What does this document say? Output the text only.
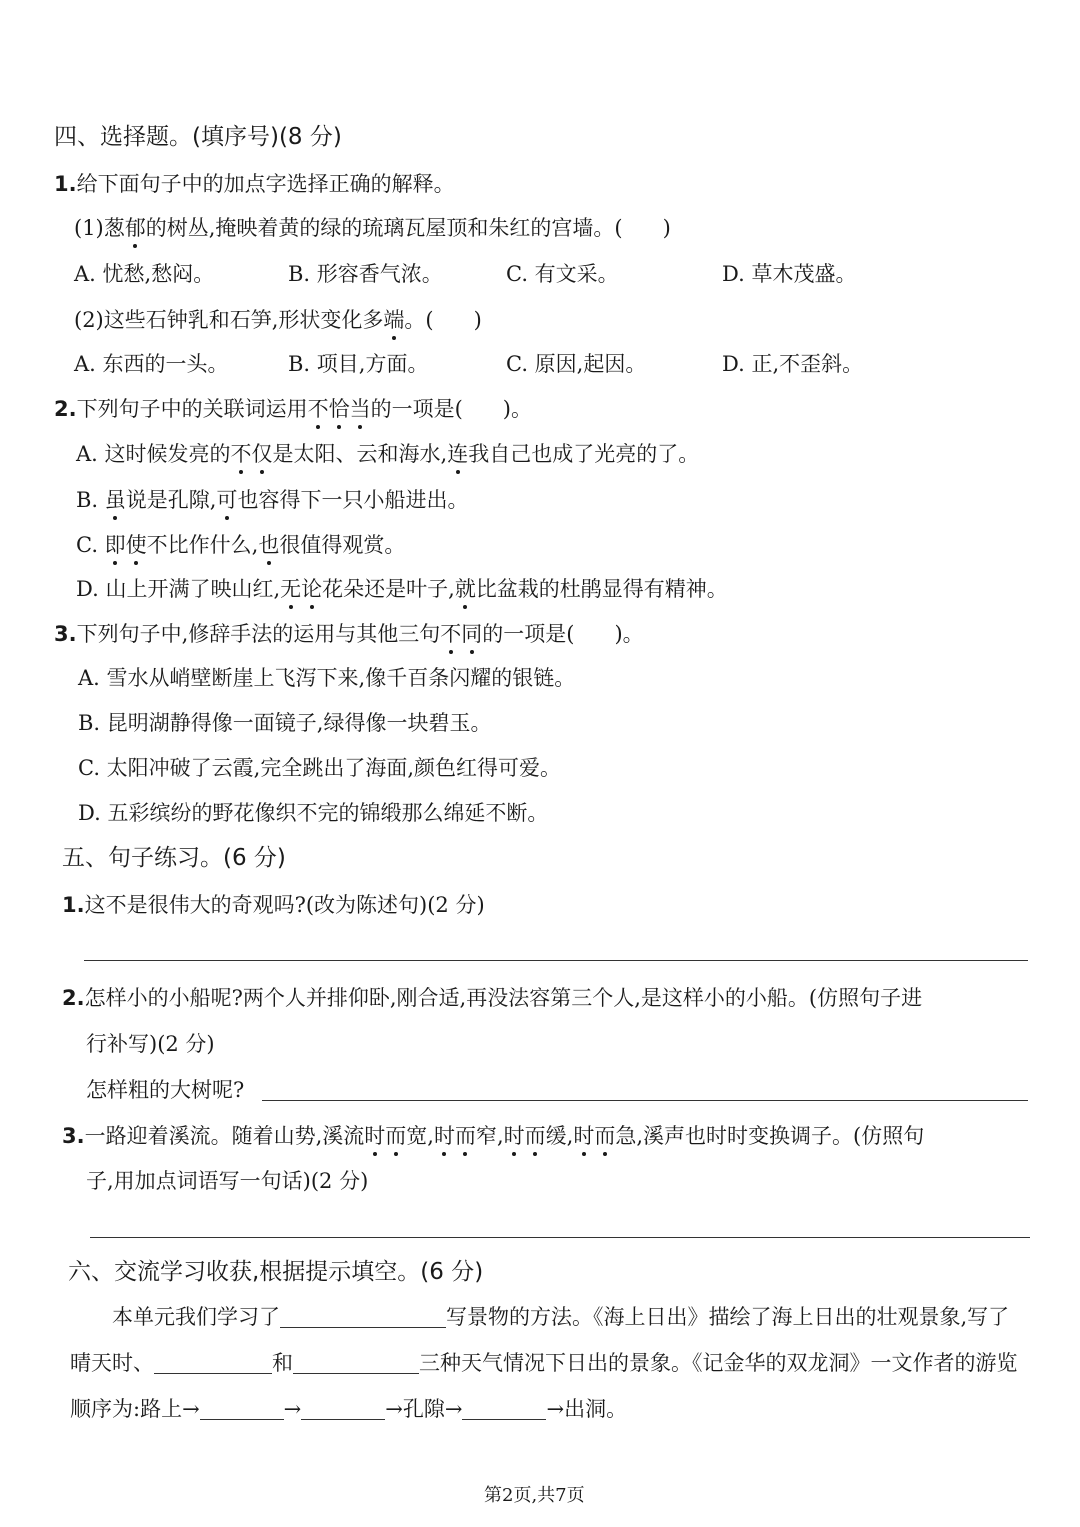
四、选择题。(填序号)(8 分)
1.给下面句子中的加点字选择正确的解释。
(1)葱郁的树丛,掩映着黄的绿的琉璃瓦屋顶和朱红的宫墙。( )
A. 忧愁,愁闷。	B. 形容香气浓。	C. 有文采。	D. 草木茂盛。
(2)这些石钟乳和石笋,形状变化多端。( )
A. 东西的一头。	B. 项目,方面。	C. 原因,起因。	D. 正,不歪斜。
2.下列句子中的关联词运用不恰当的一项是( )。
A. 这时候发亮的不仅是太阳、云和海水,连我自己也成了光亮的了。
B. 虽说是孔隙,可也容得下一只小船进出。
C. 即使不比作什么,也很值得观赏。
D. 山上开满了映山红,无论花朵还是叶子,就比盆栽的杜鹃显得有精神。
3.下列句子中,修辞手法的运用与其他三句不同的一项是( )。
A. 雪水从峭壁断崖上飞泻下来,像千百条闪耀的银链。
B. 昆明湖静得像一面镜子,绿得像一块碧玉。
C. 太阳冲破了云霞,完全跳出了海面,颜色红得可爱。
D. 五彩缤纷的野花像织不完的锦缎那么绵延不断。
五、句子练习。(6 分)
1.这不是很伟大的奇观吗?(改为陈述句)(2 分)
2.怎样小的小船呢?两个人并排仰卧,刚合适,再没法容第三个人,是这样小的小船。(仿照句子进
行补写)(2 分)
怎样粗的大树呢?
3.一路迎着溪流。随着山势,溪流时而宽,时而窄,时而缓,时而急,溪声也时时变换调子。(仿照句
子,用加点词语写一句话)(2 分)
六、交流学习收获,根据提示填空。(6 分)
本单元我们学习了	写景物的方法。《海上日出》描绘了海上日出的壮观景象,写了
晴天时、	和	三种天气情况下日出的景象。《记金华的双龙洞》一文作者的游览
顺序为:路上→	→	→孔隙→	→出洞。
第2页,共7页
